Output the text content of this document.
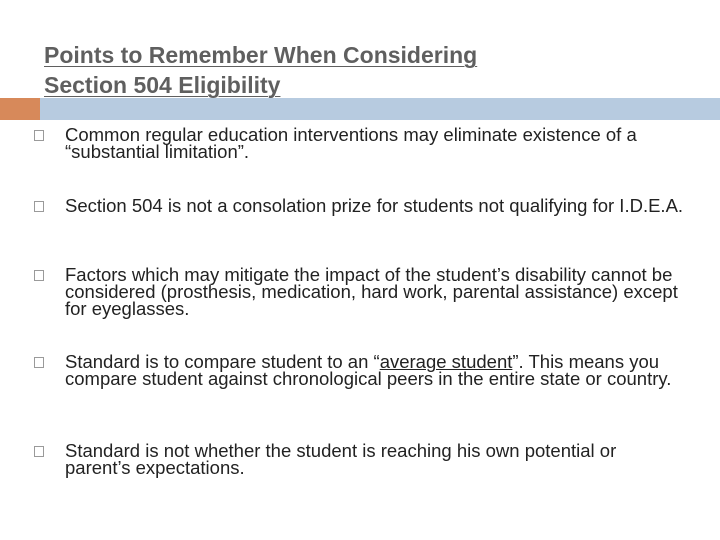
Points to Remember When Considering
Section 504 Eligibility
Common regular education interventions may eliminate existence of a “substantial limitation”.
Section 504 is not a consolation prize for students not qualifying for I.D.E.A.
Factors which may mitigate the impact of the student’s disability cannot be considered (prosthesis, medication, hard work, parental assistance) except for eyeglasses.
Standard is to compare student to an “average student”. This means you compare student against chronological peers in the entire state or country.
Standard is not whether the student is reaching his own potential or parent’s expectations.
